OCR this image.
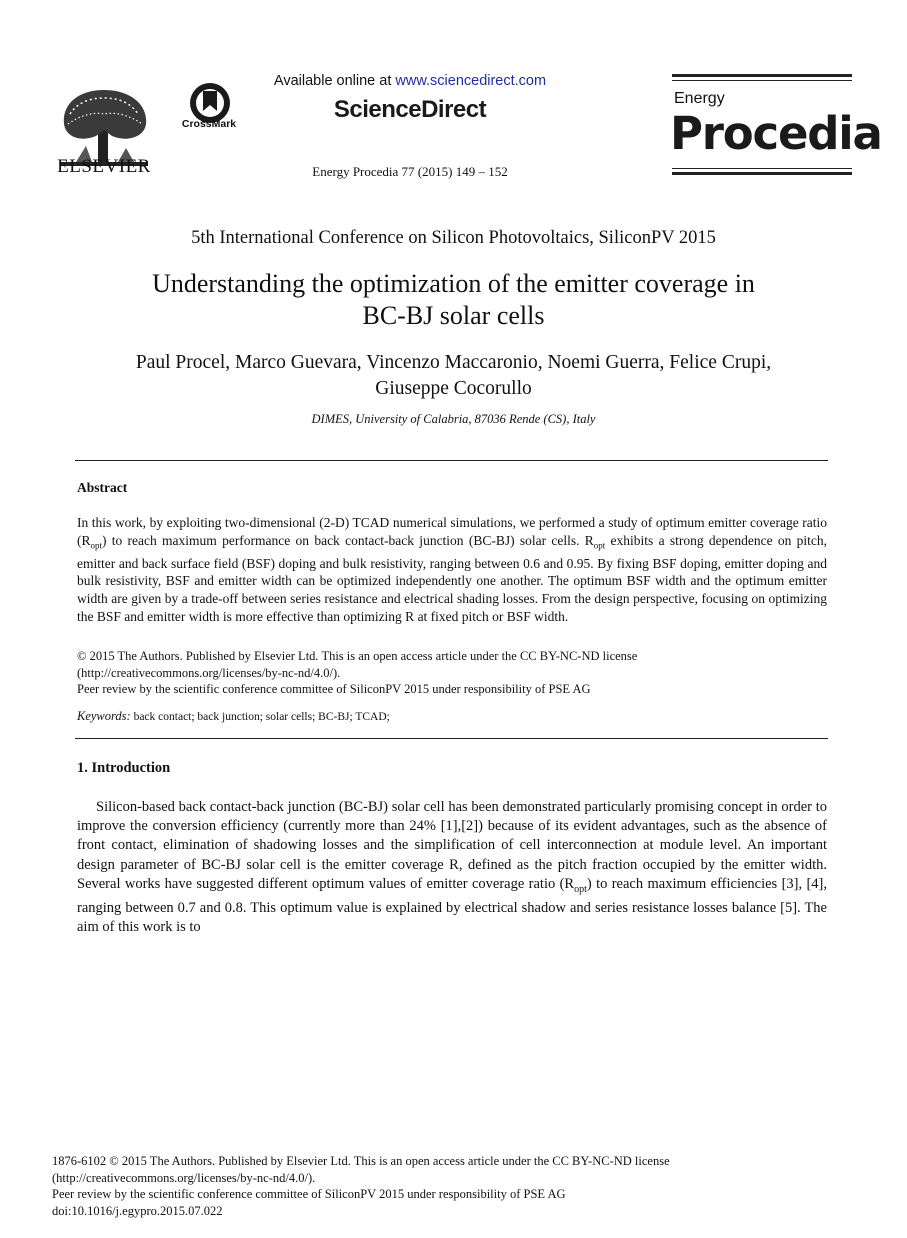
ELSEVIER
CrossMark
Available online at www.sciencedirect.com
ScienceDirect
Energy Procedia 77 (2015) 149 – 152
Energy
Procedia
5th International Conference on Silicon Photovoltaics, SiliconPV 2015
Understanding the optimization of the emitter coverage in
BC-BJ solar cells
Paul Procel, Marco Guevara, Vincenzo Maccaronio, Noemi Guerra, Felice Crupi,
Giuseppe Cocorullo
DIMES, University of Calabria, 87036 Rende (CS), Italy
Abstract
In this work, by exploiting two-dimensional (2-D) TCAD numerical simulations, we performed a study of optimum emitter coverage ratio $(R_{opt})$ to reach maximum performance on back contact-back junction (BC-BJ) solar cells. $R_{opt}$ exhibits a strong dependence on pitch, emitter and back surface field (BSF) doping and bulk resistivity, ranging between 0.6 and 0.95. By fixing BSF doping, emitter doping and bulk resistivity, BSF and emitter width can be optimized independently one another. The optimum BSF width and the optimum emitter width are given by a trade-off between series resistance and electrical shading losses. From the design perspective, focusing on optimizing the BSF and emitter width is more effective than optimizing R at fixed pitch or BSF width.
© 2015 The Authors. Published by Elsevier Ltd. This is an open access article under the CC BY-NC-ND license
(http://creativecommons.org/licenses/by-nc-nd/4.0/).
Peer review by the scientific conference committee of SiliconPV 2015 under responsibility of PSE AG
Keywords: back contact; back junction; solar cells; BC-BJ; TCAD;
1. Introduction

Silicon-based back contact-back junction (BC-BJ) solar cell has been demonstrated particularly promising concept in order to improve the conversion efficiency (currently more than 24% [1],[2]) because of its evident advantages, such as the absence of front contact, elimination of shadowing losses and the simplification of cell interconnection at module level. An important design parameter of BC-BJ solar cell is the emitter coverage R, defined as the pitch fraction occupied by the emitter width. Several works have suggested different optimum values of emitter coverage ratio $(R_{opt})$ to reach maximum efficiencies [3], [4], ranging between 0.7 and 0.8. This optimum value is explained by electrical shadow and series resistance losses balance [5]. The aim of this work is to

1876-6102 © 2015 The Authors. Published by Elsevier Ltd. This is an open access article under the CC BY-NC-ND license
(http://creativecommons.org/licenses/by-nc-nd/4.0/).
Peer review by the scientific conference committee of SiliconPV 2015 under responsibility of PSE AG
doi:10.1016/j.egypro.2015.07.022
